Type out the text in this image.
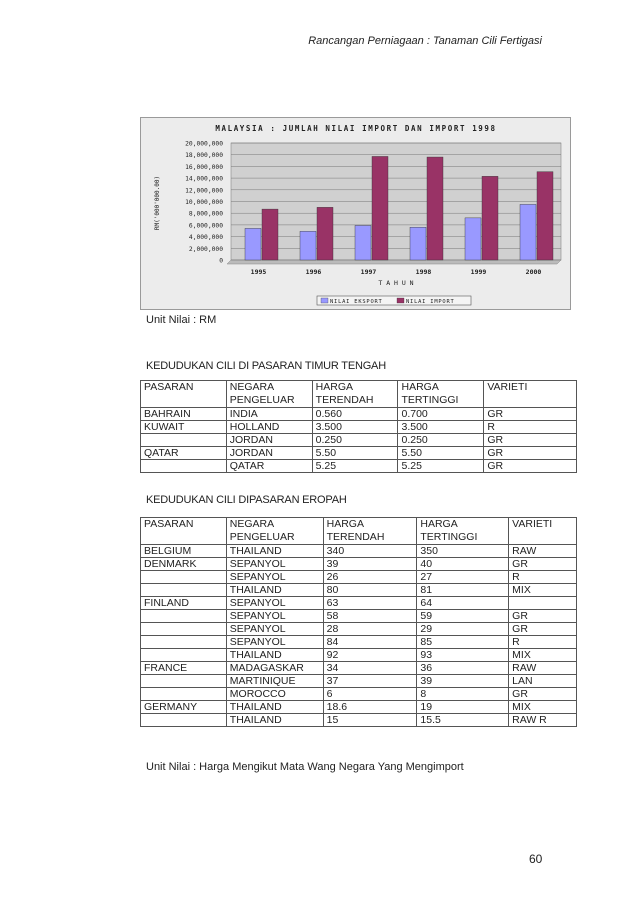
Rancangan Perniagaan : Tanaman Cili Fertigasi
MALAYSIA : JUMLAH NILAI IMPORT DAN IMPORT 1998
0
2,000,000
4,000,000
6,000,000
8,000,000
10,000,000
12,000,000
14,000,000
16,000,000
18,000,000
20,000,000
RM('000'000.00)
1995	1996	1997	1998	1999	2000
T A H U N
NILAI EKSPORT	NILAI IMPORT
Unit Nilai : RM
KEDUDUKAN CILI DI PASARAN TIMUR TENGAH
PASARAN	NEGARA PENGELUAR	HARGA TERENDAH	HARGA TERTINGGI	VARIETI
BAHRAIN	INDIA	0.560	0.700	GR
KUWAIT	HOLLAND	3.500	3.500	R
	JORDAN	0.250	0.250	GR
QATAR	JORDAN	5.50	5.50	GR
	QATAR	5.25	5.25	GR
KEDUDUKAN CILI DIPASARAN EROPAH
PASARAN	NEGARA PENGELUAR	HARGA TERENDAH	HARGA TERTINGGI	VARIETI
BELGIUM	THAILAND	340	350	RAW
DENMARK	SEPANYOL	39	40	GR
	SEPANYOL	26	27	R
	THAILAND	80	81	MIX
FINLAND	SEPANYOL	63	64	
	SEPANYOL	58	59	GR
	SEPANYOL	28	29	GR
	SEPANYOL	84	85	R
	THAILAND	92	93	MIX
FRANCE	MADAGASKAR	34	36	RAW
	MARTINIQUE	37	39	LAN
	MOROCCO	6	8	GR
GERMANY	THAILAND	18.6	19	MIX
	THAILAND	15	15.5	RAW R
Unit Nilai : Harga Mengikut Mata Wang Negara Yang Mengimport
60
